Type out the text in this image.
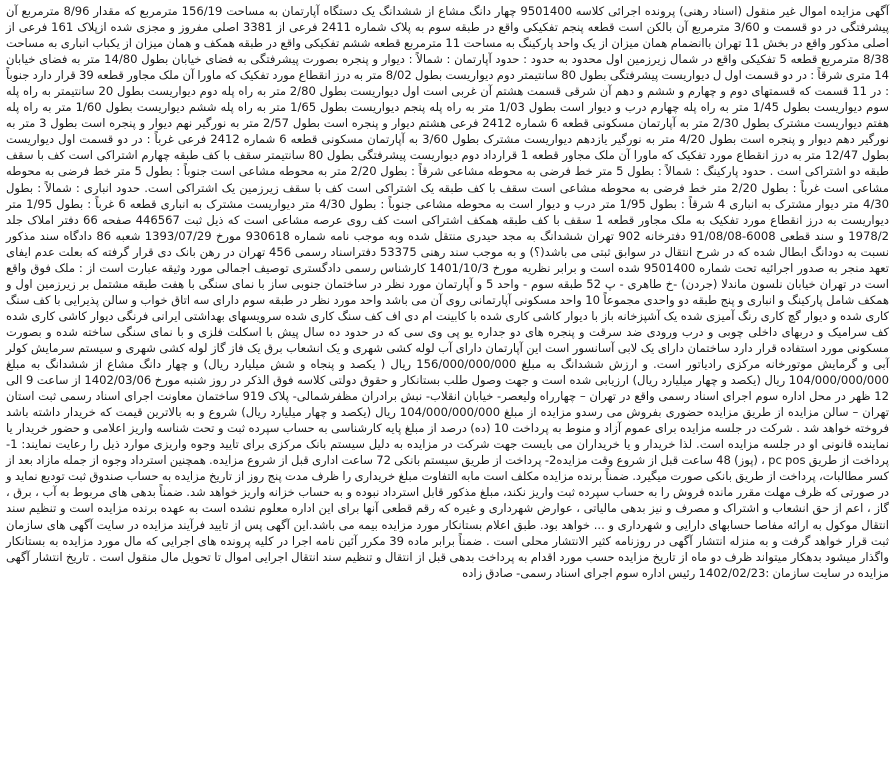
آگهی مزایده اموال غیر منقول (اسناد رهنی) پرونده اجرائی کلاسه 9501400 چهار دانگ مشاع از ششدانگ یک دستگاه آپارتمان به مساحت 156/19 مترمربع که مقدار 8/96 مترمربع آن پیشرفتگی در دو قسمت و 3/60 مترمربع آن بالکن است قطعه پنجم تفکیکی واقع در طبقه سوم به پلاک شماره 2411 فرعی از 3381 اصلی مفروز و مجزی شده ازپلاک 161 فرعی از اصلی مذکور واقع در بخش 11 تهران باانضمام همان میزان از یک واحد پارکینگ به مساحت 11 مترمربع قطعه ششم تفکیکی واقع در طبقه همکف و همان میزان از یکباب انباری به مساحت 8/38 مترمربع قطعه 5 تفکیکی واقع در شمال زیرزمین اول محدود به حدود : حدود آپارتمان : شمالاً : دیوار و پنجره بصورت پیشرفتگی به فضای خیابان بطول 14/80 متر به فضای خیابان 14 متری شرقاً : در دو قسمت اول ل دیواریست پیشرفتگی بطول 80 سانتیمتر دوم دیواریست بطول 8/02 متر به درز انقطاع مورد تفکیک که ماورا آن ملک مجاور قطعه 39 قرار دارد جنوباً : در 11 قسمت که قسمتهای دوم و چهارم و ششم و دهم آن شرقی قسمت هشتم آن غربی است اول دیواریست بطول 2/80 متر به راه پله دوم دیواریست بطول 20 سانتیمتر به راه پله سوم دیواریست بطول 1/45 متر به راه پله چهارم درب و دیوار است بطول 1/03 متر به راه پله پنجم دیواریست بطول 1/65 متر به راه پله ششم دیواریست بطول 1/60 متر به راه پله هفتم دیواریست مشترک بطول 2/30 متر به آپارتمان مسکونی قطعه 6 شماره 2412 فرعی هشتم دیوار و پنجره است بطول 2/57 متر به نورگیر نهم دیوار و پنجره است بطول 3 متر به نورگیر دهم دیوار و پنجره است بطول 4/20 متر به نورگیر یازدهم دیواریست مشترک بطول 3/60 به آپارتمان مسکونی قطعه 6 شماره 2412 فرعی غرباً : در دو قسمت اول دیواریست بطول 12/47 متر به درز انقطاع مورد تفکیک که ماورا آن ملک مجاور قطعه 1 قرارداد دوم دیواریست پیشرفتگی بطول 80 سانتیمتر سقف با کف طبقه چهارم اشتراکی است کف با سقف طبقه دو اشتراکی است . حدود پارکینگ : شمالاً : بطول 5 متر خط فرضی به محوطه مشاعی شرقاً : بطول 2/20 متر به محوطه مشاعی است جنوباً : بطول 5 متر خط فرضی به محوطه مشاعی است غرباً : بطول 2/20 متر خط فرضی به محوطه مشاعی است سقف با کف طبقه یک اشتراکی است کف با سقف زیرزمین یک اشتراکی است. حدود انباری : شمالاً : بطول 4/30 متر دیوار مشترک به انباری 4 شرقاً : بطول 1/95 متر درب و دیوار است به محوطه مشاعی جنوباً : بطول 4/30 متر دیواریست مشترک به انباری قطعه 6 غرباً : بطول 1/95 متر دیواریست به درز انقطاع مورد تفکیک به ملک مجاور قطعه 1 سقف با کف طبقه همکف اشتراکی است کف روی عرصه مشاعی است که ذیل ثبت 446567 صفحه 66 دفتر املاک جلد 1978/2 و سند قطعی 6008-91/08/08 دفترخانه 902 تهران ششدانگ به مجد حیدری منتقل شده وبه موجب نامه شماره 930618 مورخ 1393/07/29 شعبه 86 دادگاه سند مذکور نسبت به دودانگ ابطال شده که در شرح انتقال در سوابق ثبتی می باشد(؟) و به موجب سند رهنی 53375 دفتراسناد رسمی 456 تهران در رهن بانک دی قرار گرفته که بعلت عدم ایفای تعهد منجر به صدور اجرائیه تحت شماره 9501400 شده است و برابر نظریه مورخ 1401/10/3 کارشناس رسمی دادگستری توصیف اجمالی مورد وثیقه عبارت است از : ملک فوق واقع است در تهران خیابان نلسون ماندلا (جردن) -خ طاهری - پ 52 طبقه سوم - واحد 5 و آپارتمان مورد نظر در ساختمان جنوبی ساز با نمای سنگی با هفت طبقه مشتمل بر زیرزمین اول و همکف شامل پارکینگ و انباری و پنج طبقه دو واحدی مجموعاً 10 واحد مسکونی آپارتمانی روی آن می باشد واحد مورد نظر در طبقه سوم دارای سه اتاق خواب و سالن پذیرایی با کف سنگ کاری شده و دیوار گچ کاری رنگ آمیزی شده یک آشپزخانه باز با دیوار کاشی کاری شده با کابینت ام دی اف کف سنگ کاری شده سرویسهای بهداشتی ایرانی فرنگی دیوار کاشی کاری شده کف سرامیک و دربهای داخلی چوبی و درب ورودی ضد سرقت و پنجره های دو جداره یو پی وی سی که در حدود ده سال پیش با اسکلت فلزی و با نمای سنگی ساخته شده و بصورت مسکونی مورد استفاده قرار دارد ساختمان دارای یک لابی آسانسور است این آپارتمان دارای آب لوله کشی شهری و یک انشعاب برق یک فاز گاز لوله کشی شهری و سیستم سرمایش کولر آبی و گرمایش موتورخانه مرکزی رادیاتور است. و ارزش ششدانگ به مبلغ 156/000/000/000 ریال ( یکصد و پنجاه و شش میلیارد ریال) و چهار دانگ مشاع از ششدانگ به مبلغ 104/000/000/000 ریال (یکصد و چهار میلیارد ریال) ارزیابی شده است و جهت وصول طلب بستانکار و حقوق دولتی کلاسه فوق الذکر در روز شنبه مورخ 1402/03/06 از ساعت 9 الی 12 ظهر در محل اداره سوم اجرای اسناد رسمی واقع در تهران – چهارراه ولیعصر- خیابان انقلاب- نبش برادران مظفرشمالی- پلاک 919 ساختمان معاونت اجرای اسناد رسمی ثبت استان تهران – سالن مزایده از طریق مزایده حضوری بفروش می رسدو مزایده از مبلغ 104/000/000/000 ریال (یکصد و چهار میلیارد ریال) شروع و به بالاترین قیمت که خریدار داشته باشد فروخته خواهد شد . شرکت در جلسه مزایده برای عموم آزاد و منوط به پرداخت 10 (ده) درصد از مبلغ پایه کارشناسی به حساب سپرده ثبت و تحت شناسه واریز اعلامی و حضور خریدار یا نماینده قانونی او در جلسه مزایده است. لذا خریدار و یا خریداران می بایست جهت شرکت در مزایده به دلیل سیستم بانک مرکزی برای تایید وجوه واریزی موارد ذیل را رعایت نمایند: 1- پرداخت از طریق pc pos ، (پوز) 48 ساعت قبل از شروع وقت مزایده2- پرداخت از طریق سیستم بانکی 72 ساعت اداری قبل از شروع مزایده. همچنین استرداد وجوه از جمله مازاد بعد از کسر مطالبات، پرداخت از طریق بانکی صورت میگیرد. ضمناً برنده مزایده مکلف است مابه التفاوت مبلغ خریداری را ظرف مدت پنج روز از تاریخ مزایده به حساب صندوق ثبت تودیع نماید و در صورتی که ظرف مهلت مقرر مانده فروش را به حساب سپرده ثبت واریز نکند، مبلغ مذکور قابل استرداد نبوده و به حساب خزانه واریز خواهد شد. ضمناً بدهی های مربوط به آب ، برق ، گاز ، اعم از حق انشعاب و اشتراک و مصرف و نیز بدهی مالیاتی ، عوارض شهرداری و غیره که رقم قطعی آنها برای این اداره معلوم نشده است به عهده برنده مزایده است و تنظیم سند انتقال موکول به ارائه مفاصا حسابهای دارایی و شهرداری و ... خواهد بود. طبق اعلام بستانکار مورد مزایده بیمه می باشد.این آگهی پس از تایید فرآیند مزایده در سایت آگهی های سازمان ثبت قرار خواهد گرفت و به منزله انتشار آگهی در روزنامه کثیر الانتشار محلی است . ضمناً برابر ماده 39 مکرر آئین نامه اجرا در کلیه پرونده های اجرایی که مال مورد مزایده به بستانکار واگذار میشود بدهکار میتواند ظرف دو ماه از تاریخ مزایده حسب مورد اقدام به پرداخت بدهی قبل از انتقال و تنظیم سند انتقال اجرایی اموال تا تحویل مال منقول است . تاریخ انتشار آگهی مزایده در سایت سازمان :1402/02/23 رئیس اداره سوم اجرای اسناد رسمی- صادق زاده
